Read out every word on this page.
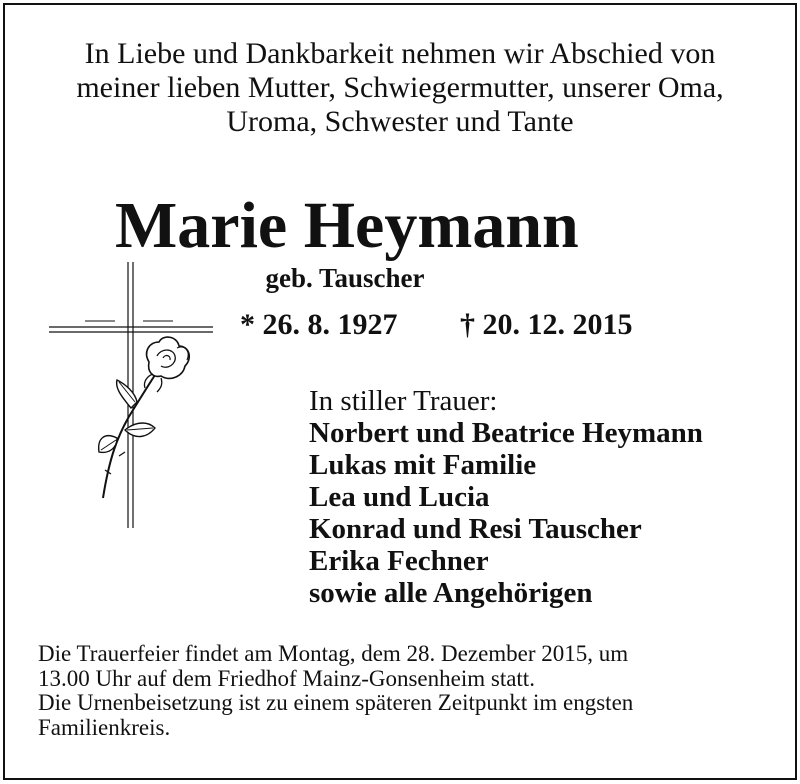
In Liebe und Dankbarkeit nehmen wir Abschied von
meiner lieben Mutter, Schwiegermutter, unserer Oma,
Uroma, Schwester und Tante
Marie Heymann
geb. Tauscher
* 26. 8. 1927 † 20. 12. 2015
In stiller Trauer:
Norbert und Beatrice Heymann
Lukas mit Familie
Lea und Lucia
Konrad und Resi Tauscher
Erika Fechner
sowie alle Angehörigen
Die Trauerfeier findet am Montag, dem 28. Dezember 2015, um
13.00 Uhr auf dem Friedhof Mainz-Gonsenheim statt.
Die Urnenbeisetzung ist zu einem späteren Zeitpunkt im engsten
Familienkreis.
